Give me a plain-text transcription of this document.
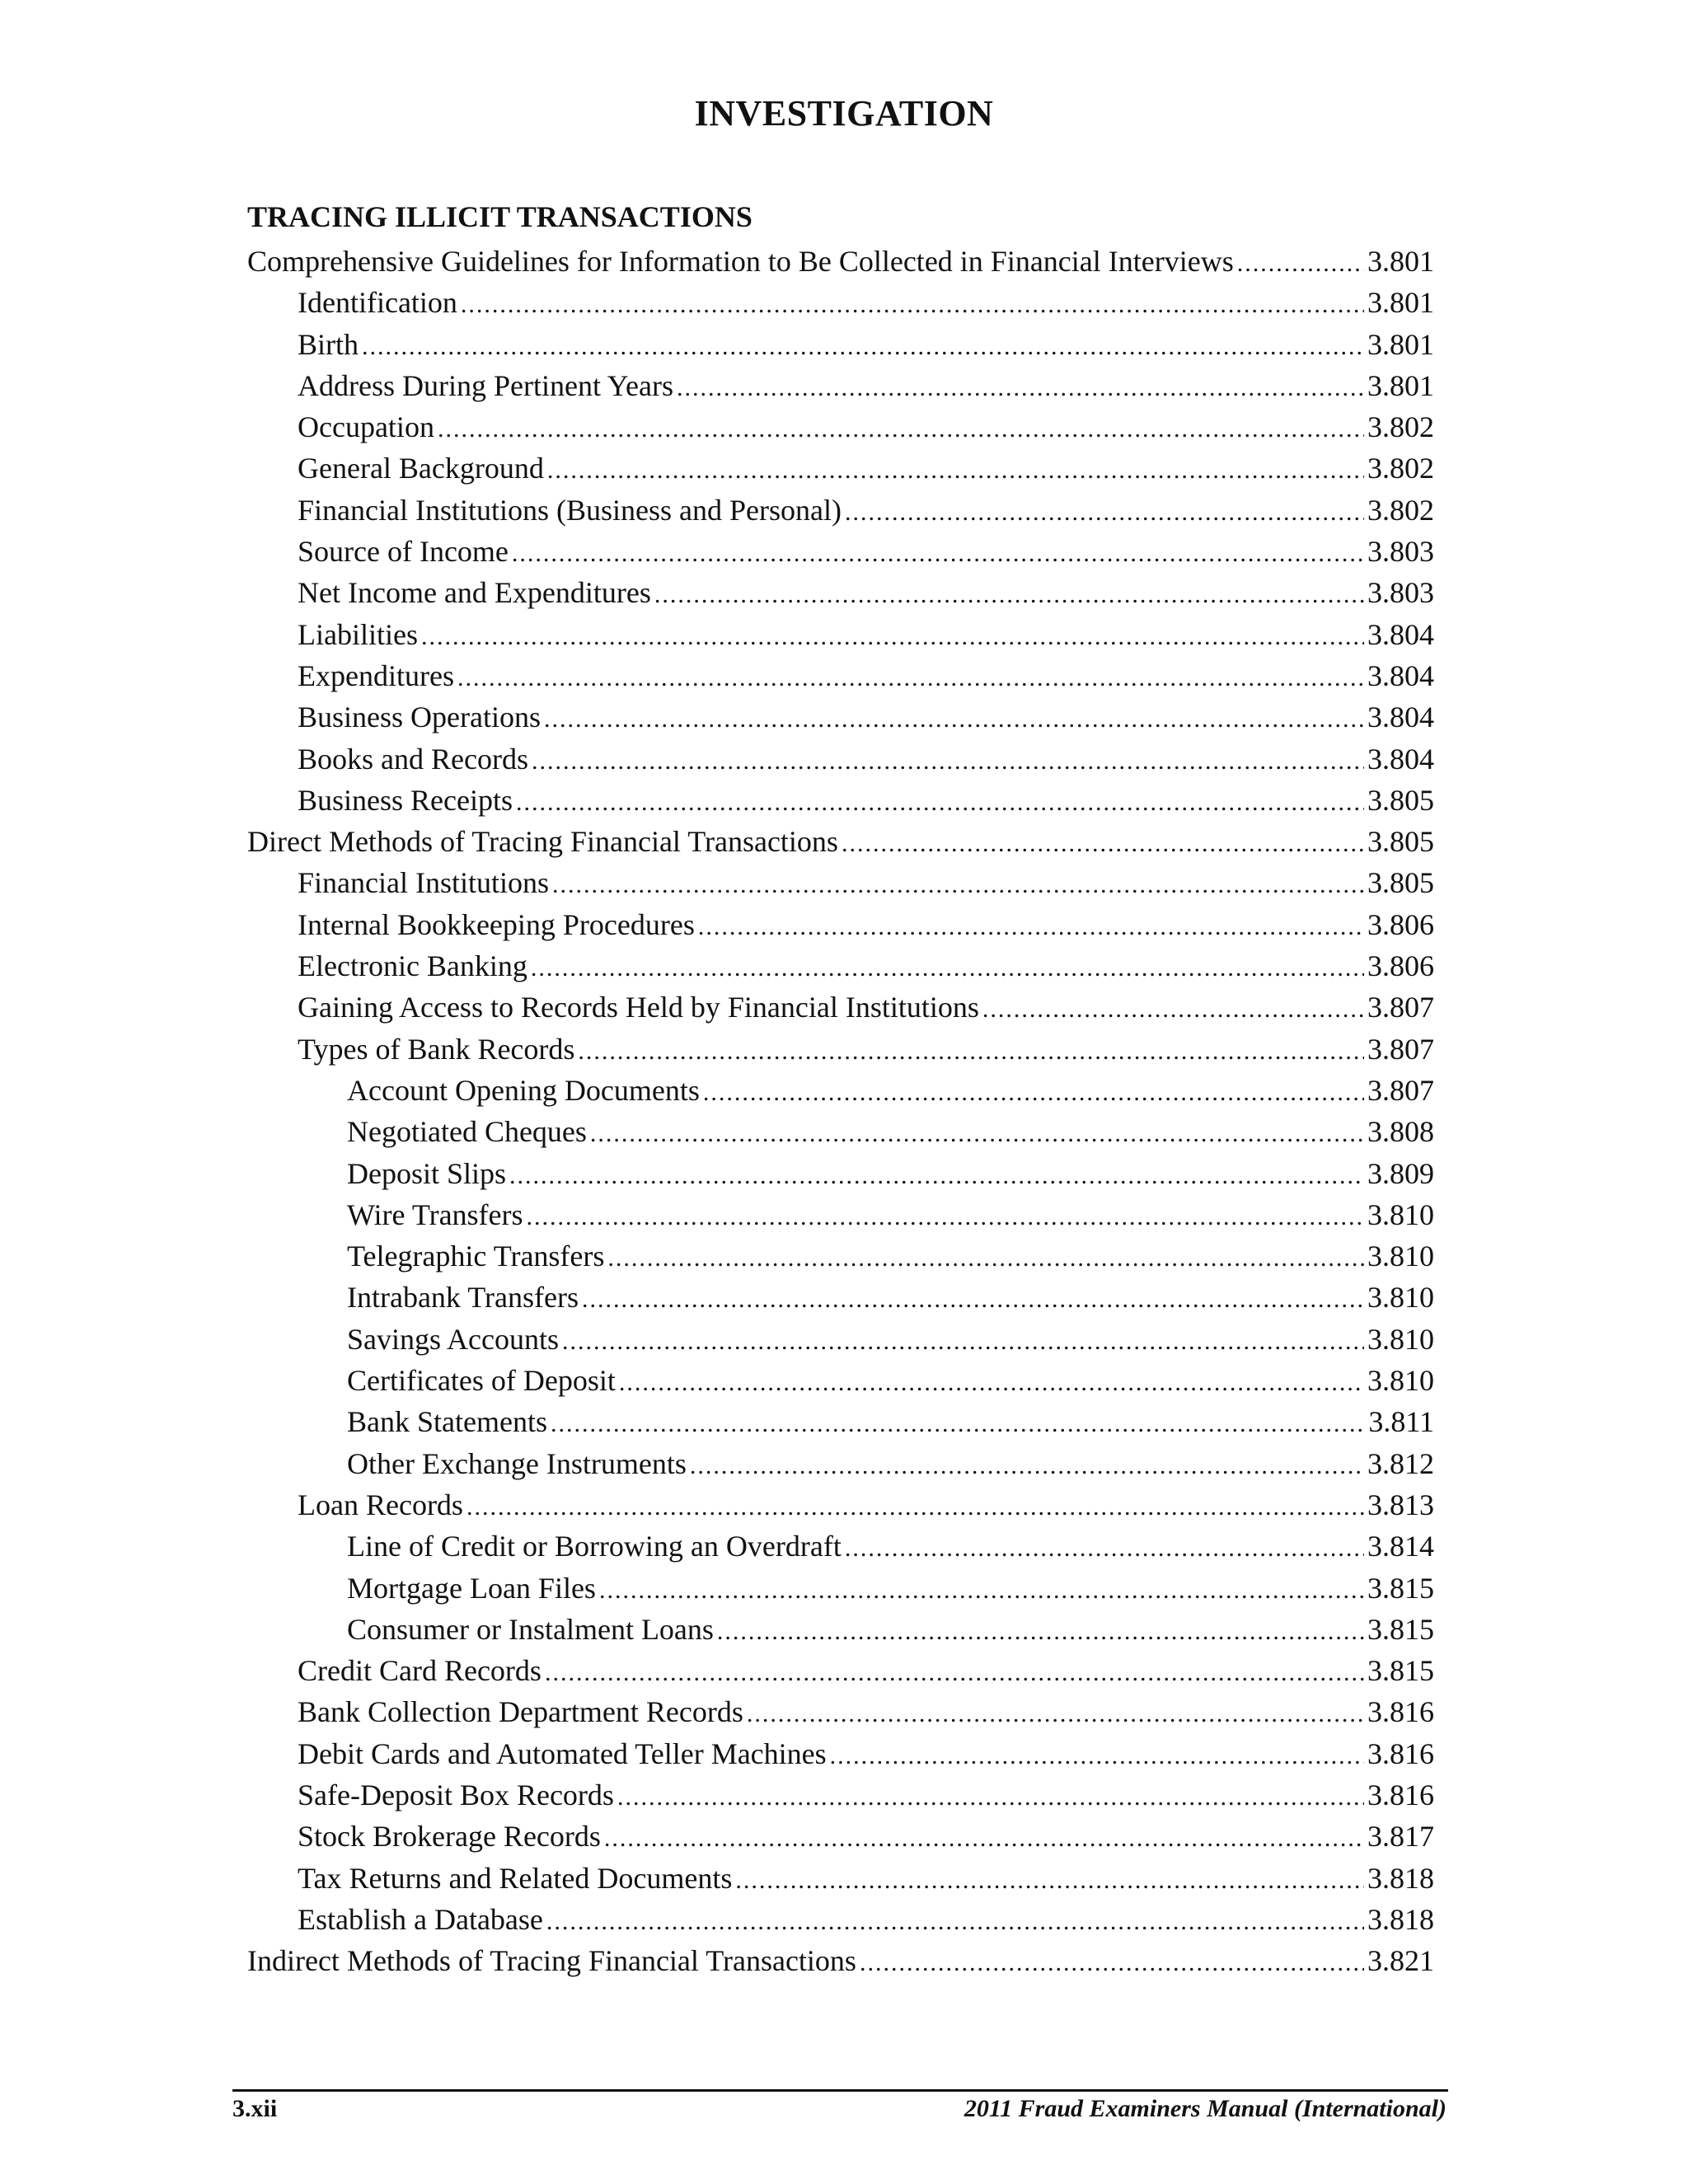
INVESTIGATION
TRACING ILLICIT TRANSACTIONS
Comprehensive Guidelines for Information to Be Collected in Financial Interviews .....	3.801
Identification .....	3.801
Birth .....	3.801
Address During Pertinent Years .....	3.801
Occupation .....	3.802
General Background .....	3.802
Financial Institutions (Business and Personal) .....	3.802
Source of Income .....	3.803
Net Income and Expenditures .....	3.803
Liabilities .....	3.804
Expenditures .....	3.804
Business Operations .....	3.804
Books and Records .....	3.804
Business Receipts .....	3.805
Direct Methods of Tracing Financial Transactions .....	3.805
Financial Institutions .....	3.805
Internal Bookkeeping Procedures .....	3.806
Electronic Banking .....	3.806
Gaining Access to Records Held by Financial Institutions .....	3.807
Types of Bank Records .....	3.807
Account Opening Documents .....	3.807
Negotiated Cheques .....	3.808
Deposit Slips .....	3.809
Wire Transfers .....	3.810
Telegraphic Transfers .....	3.810
Intrabank Transfers .....	3.810
Savings Accounts .....	3.810
Certificates of Deposit .....	3.810
Bank Statements .....	3.811
Other Exchange Instruments .....	3.812
Loan Records .....	3.813
Line of Credit or Borrowing an Overdraft .....	3.814
Mortgage Loan Files .....	3.815
Consumer or Instalment Loans .....	3.815
Credit Card Records .....	3.815
Bank Collection Department Records .....	3.816
Debit Cards and Automated Teller Machines .....	3.816
Safe-Deposit Box Records .....	3.816
Stock Brokerage Records .....	3.817
Tax Returns and Related Documents .....	3.818
Establish a Database .....	3.818
Indirect Methods of Tracing Financial Transactions .....	3.821
3.xii	2011 Fraud Examiners Manual (International)
